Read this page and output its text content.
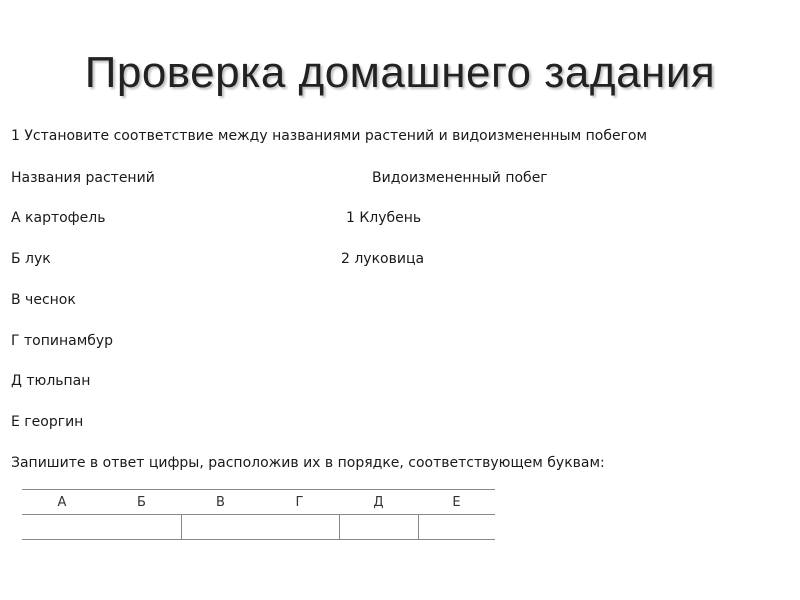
Проверка домашнего задания
1 Установите соответствие между названиями растений и видоизмененным побегом
Названия растений	Видоизмененный побег
А картофель	1 Клубень
Б лук	2 луковица
В чеснок
Г топинамбур
Д тюльпан
Е георгин
Запишите в ответ цифры, расположив их в порядке, соответствующем буквам:
А	Б	В	Г	Д	Е
